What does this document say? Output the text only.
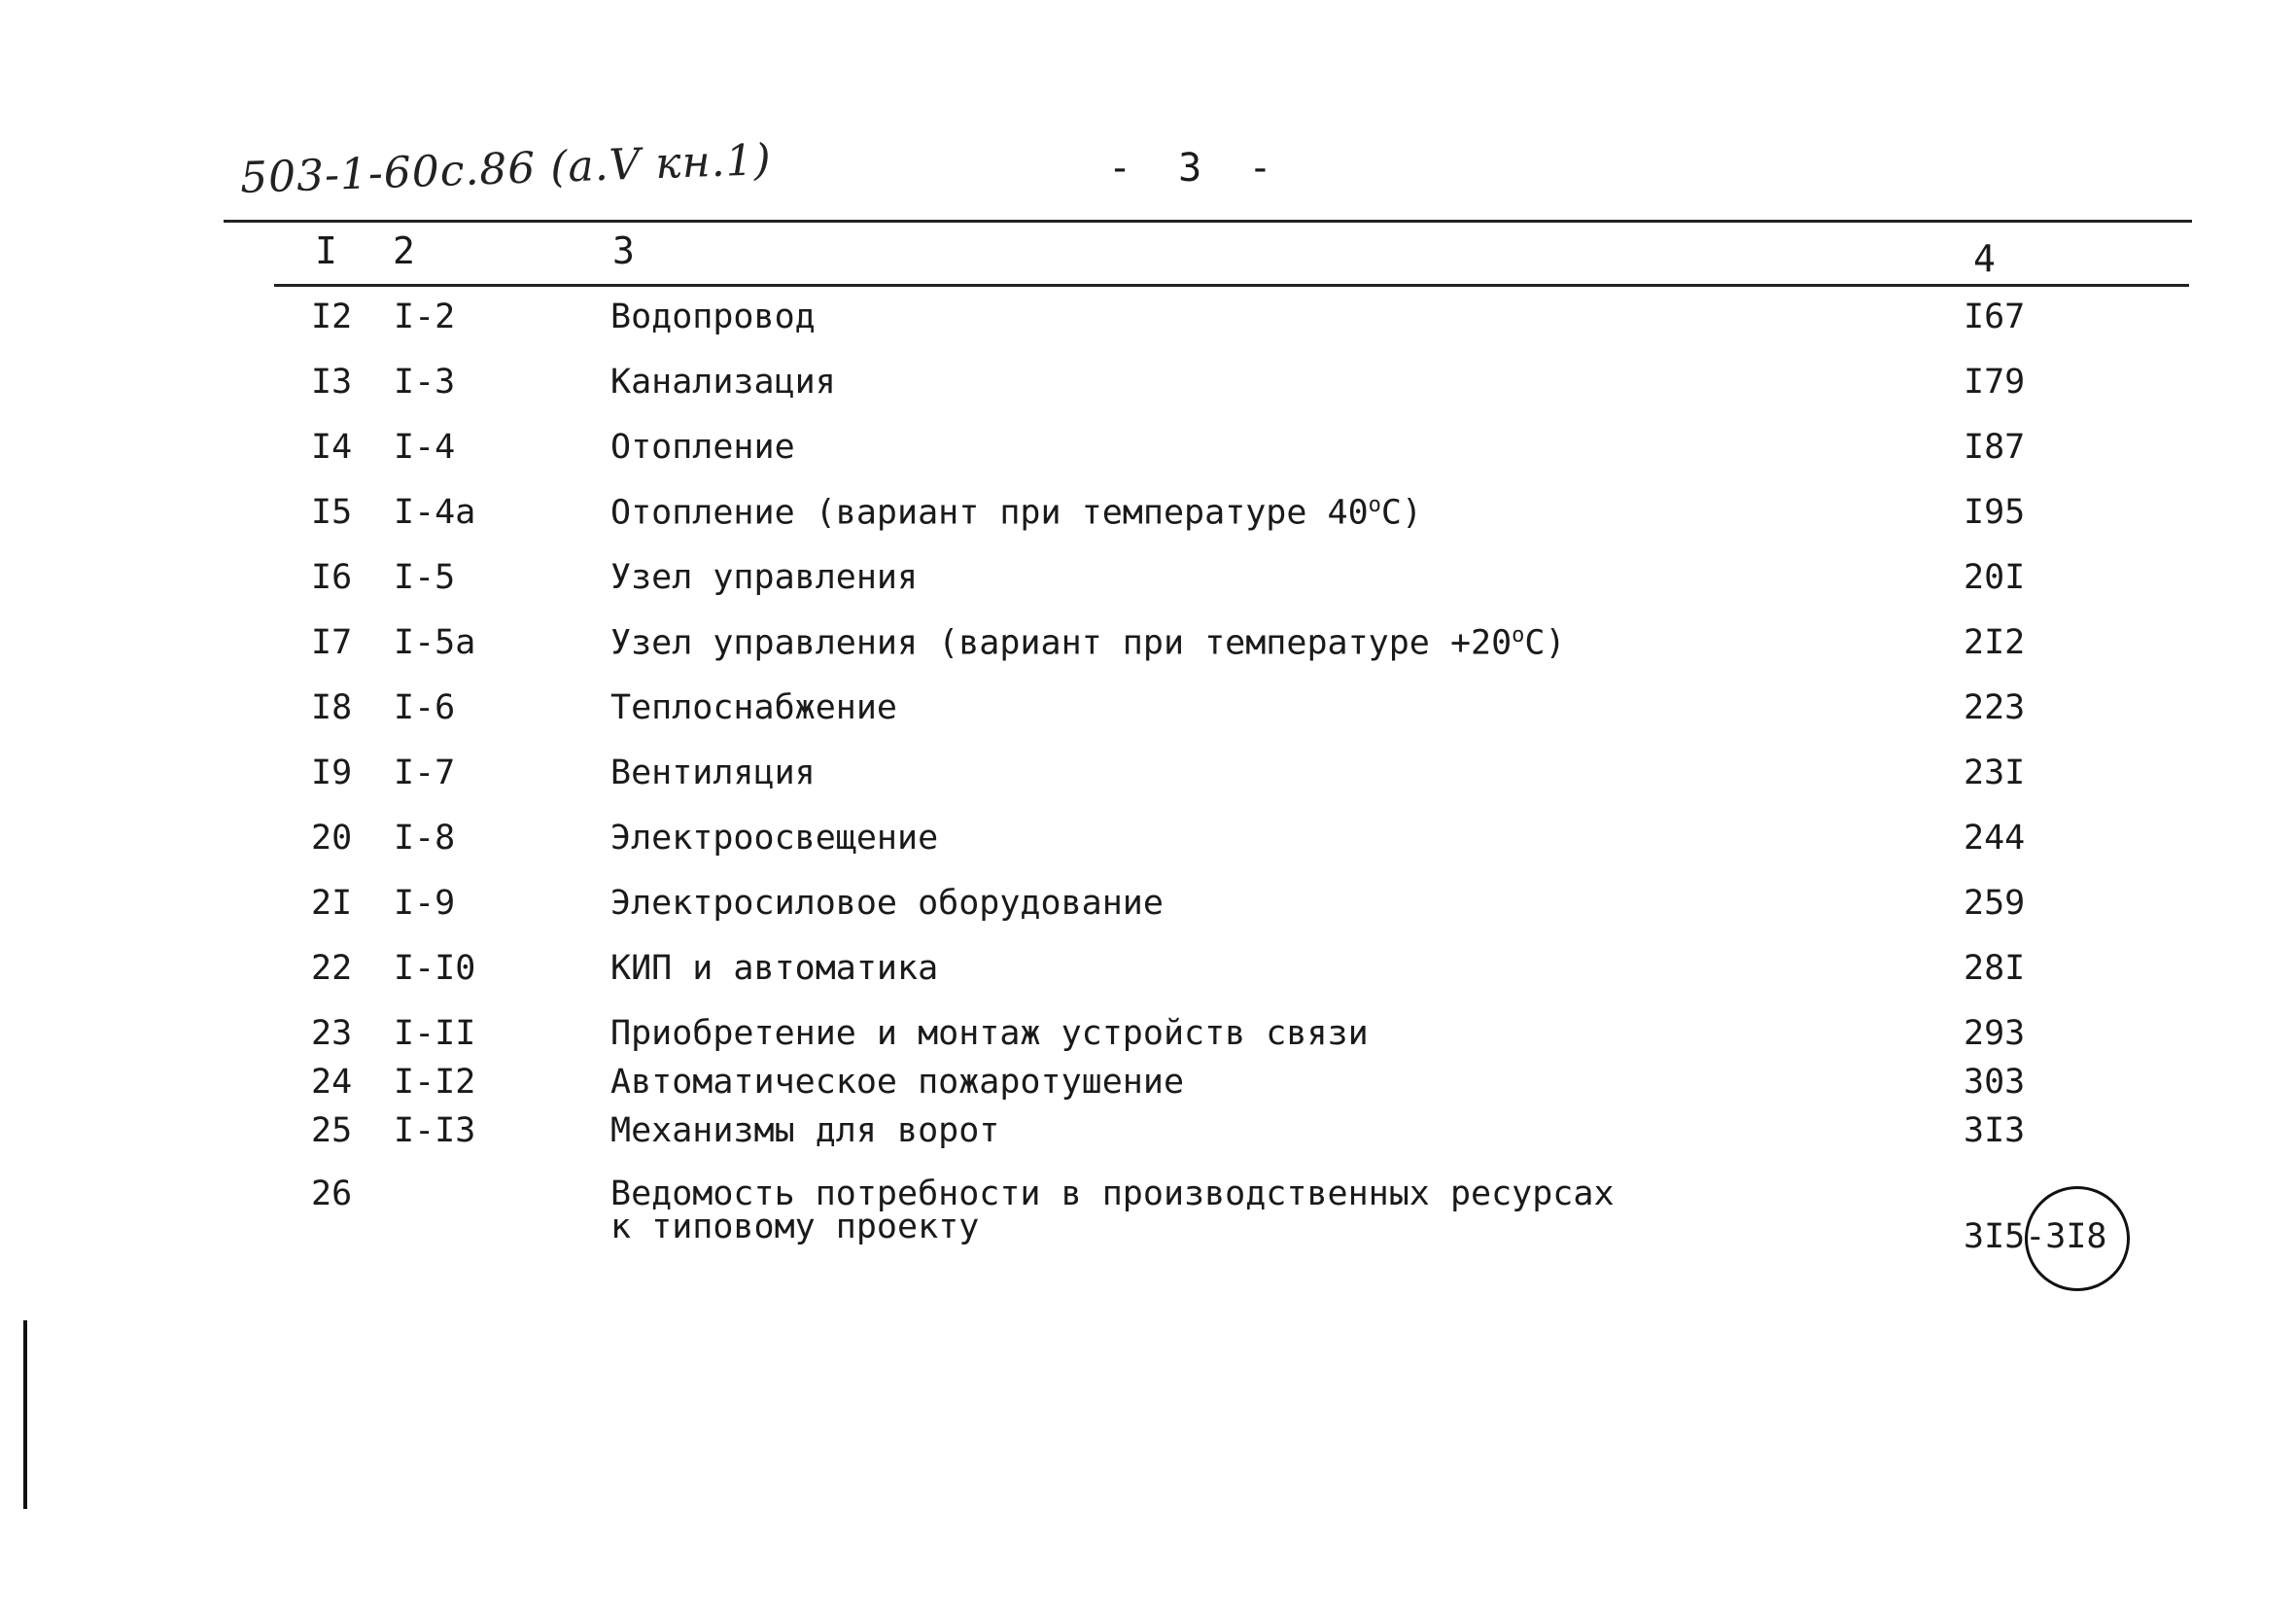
503-1-60с.86 (а.V кн.1)	- 3 -
I 2	3	4
I2 I-2	Водопровод	I67
I3 I-3	Канализация	I79
I4 I-4	Отопление	I87
I5 I-4а	Отопление (вариант при температуре 40$^o$С)	I95
I6 I-5	Узел управления	20I
I7 I-5а	Узел управления (вариант при температуре $+20^oС$)	2I2
I8 I-6	Теплоснабжение	223
I9 I-7	Вентиляция	23I
20 I-8	Электроосвещение	244
2I I-9	Электросиловое оборудование	259
22 I-I0	КИП и автоматика	28I
23 I-II	Приобретение и монтаж устройств связи	293
24 I-I2	Автоматическое пожаротушение	303
25 I-I3	Механизмы для ворот	3I3
26	Ведомость потребности в производственных ресурсах
к типовому проекту	3I5-3I8
